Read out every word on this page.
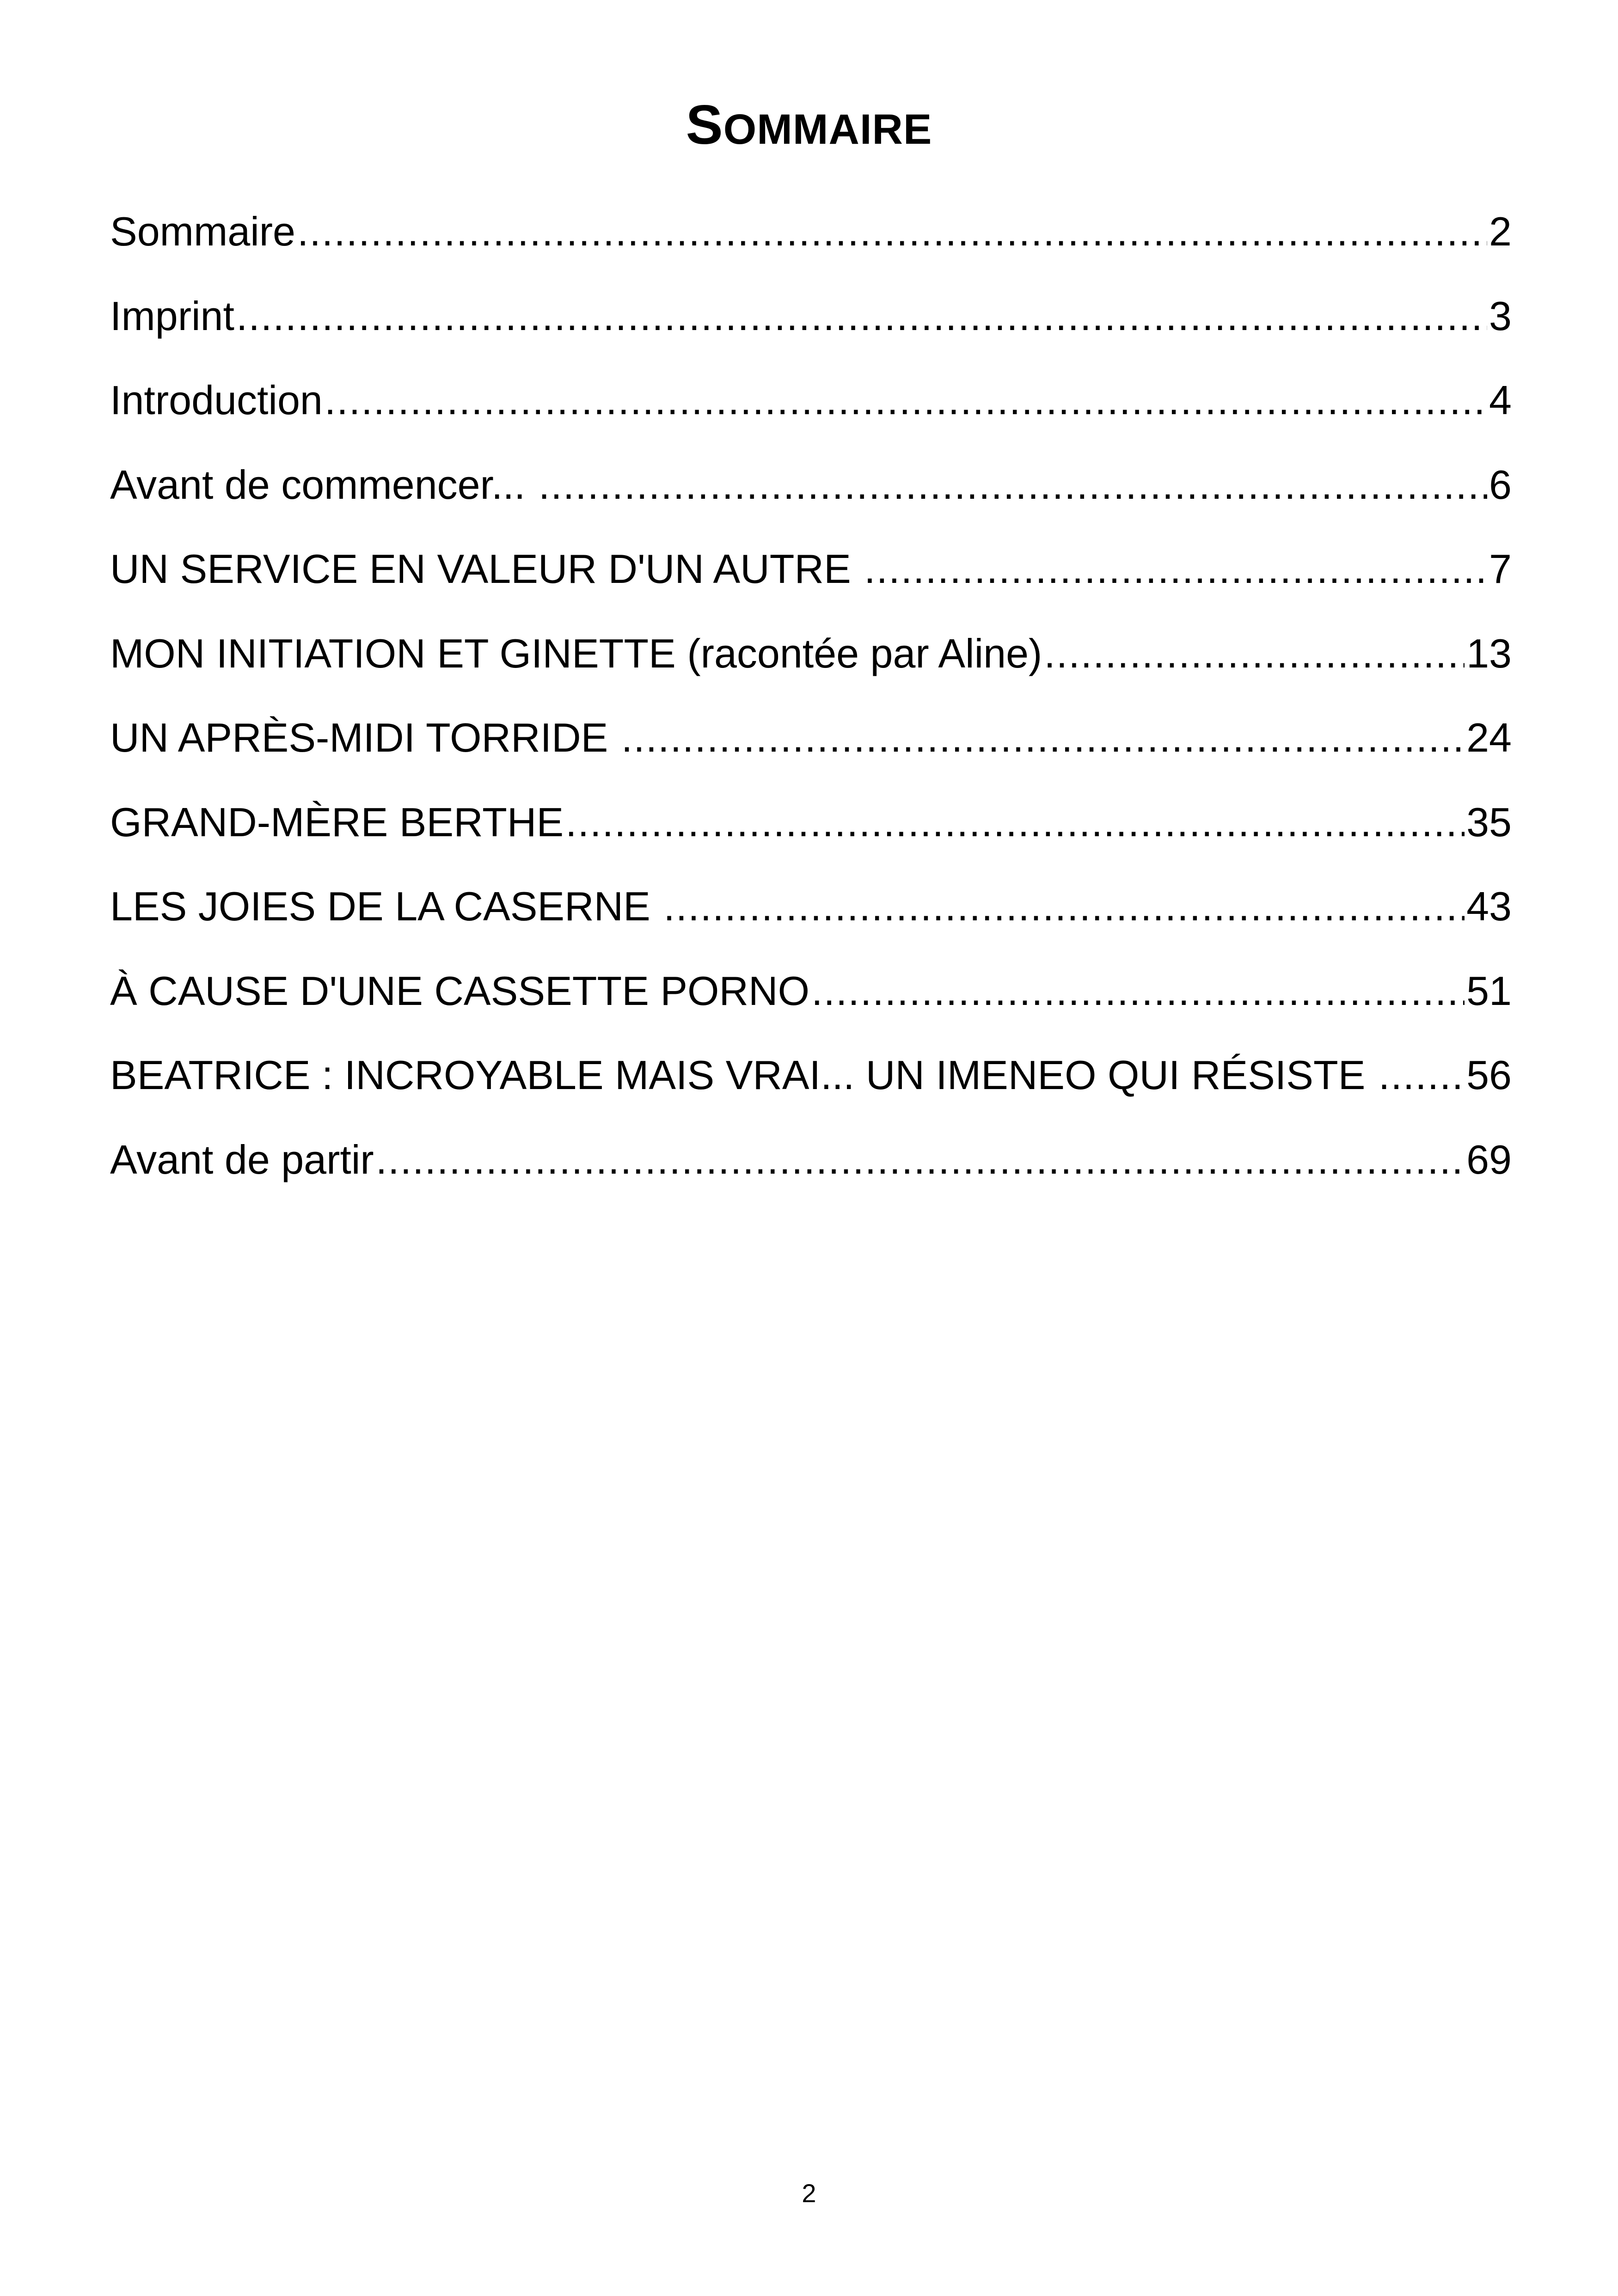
SOMMAIRE
Sommaire .....	2
Imprint .....	3
Introduction .....	4
Avant de commencer... .....	6
UN SERVICE EN VALEUR D'UN AUTRE .....	7
MON INITIATION ET GINETTE (racontée par Aline) .....	13
UN APRÈS-MIDI TORRIDE .....	24
GRAND-MÈRE BERTHE .....	35
LES JOIES DE LA CASERNE .....	43
À CAUSE D'UNE CASSETTE PORNO .....	51
BEATRICE : INCROYABLE MAIS VRAI... UN IMENEO QUI RÉSISTE ..... 56
Avant de partir .....	69
2
